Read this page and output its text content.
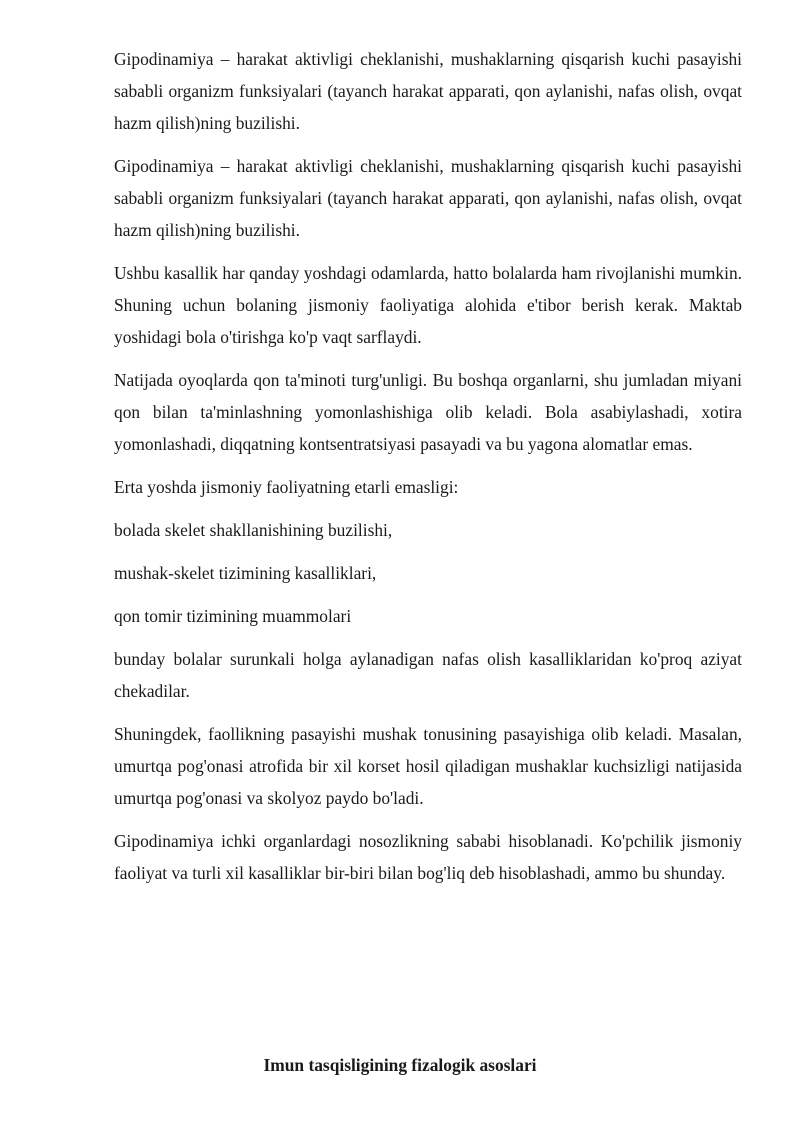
Gipodinamiya – harakat aktivligi cheklanishi, mushaklarning qisqarish kuchi pasayishi sababli organizm funksiyalari (tayanch harakat apparati, qon aylanishi, nafas olish, ovqat hazm qilish)ning buzilishi.

Gipodinamiya – harakat aktivligi cheklanishi, mushaklarning qisqarish kuchi pasayishi sababli organizm funksiyalari (tayanch harakat apparati, qon aylanishi, nafas olish, ovqat hazm qilish)ning buzilishi.

Ushbu kasallik har qanday yoshdagi odamlarda, hatto bolalarda ham rivojlanishi mumkin. Shuning uchun bolaning jismoniy faoliyatiga alohida e'tibor berish kerak. Maktab yoshidagi bola o'tirishga ko'p vaqt sarflaydi.

Natijada oyoqlarda qon ta'minoti turg'unligi. Bu boshqa organlarni, shu jumladan miyani qon bilan ta'minlashning yomonlashishiga olib keladi. Bola asabiylashadi, xotira yomonlashadi, diqqatning kontsentratsiyasi pasayadi va bu yagona alomatlar emas.

Erta yoshda jismoniy faoliyatning etarli emasligi:

bolada skelet shakllanishining buzilishi,

mushak-skelet tizimining kasalliklari,

qon tomir tizimining muammolari

bunday bolalar surunkali holga aylanadigan nafas olish kasalliklaridan ko'proq aziyat chekadilar.

Shuningdek, faollikning pasayishi mushak tonusining pasayishiga olib keladi. Masalan, umurtqa pog'onasi atrofida bir xil korset hosil qiladigan mushaklar kuchsizligi natijasida umurtqa pog'onasi va skolyoz paydo bo'ladi.

Gipodinamiya ichki organlardagi nosozlikning sababi hisoblanadi. Ko'pchilik jismoniy faoliyat va turli xil kasalliklar bir-biri bilan bog'liq deb hisoblashadi, ammo bu shunday.

Imun tasqisligining fizalogik asoslari
